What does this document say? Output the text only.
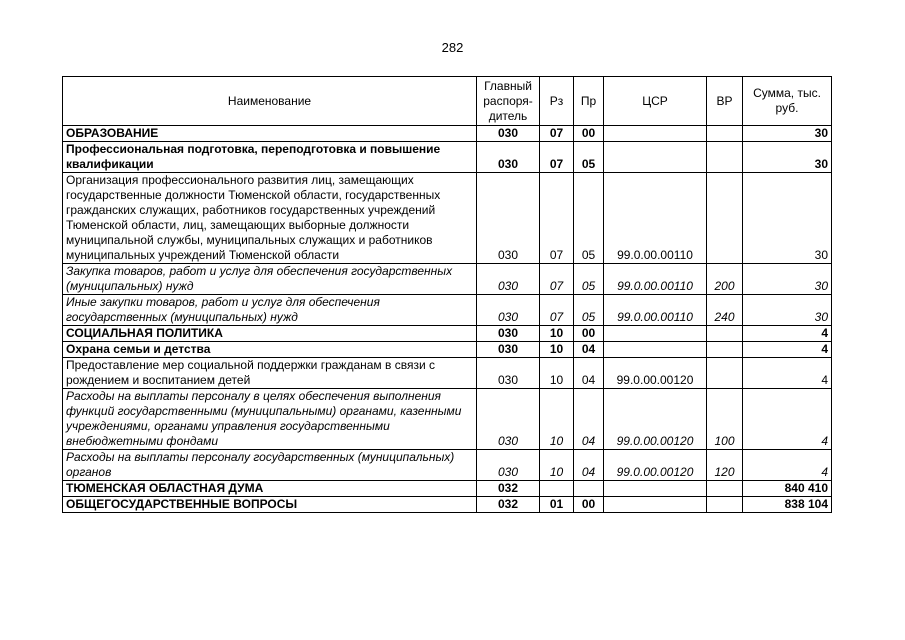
282
Наименование	Главный распоря-дитель	Рз	Пр	ЦСР	ВР	Сумма, тыс. руб.
ОБРАЗОВАНИЕ	030	07	00			30
Профессиональная подготовка, переподготовка и повышение квалификации	030	07	05			30
Организация профессионального развития лиц, замещающих государственные должности Тюменской области, государственных гражданских служащих, работников государственных учреждений Тюменской области, лиц, замещающих выборные должности муниципальной службы, муниципальных служащих и работников муниципальных учреждений Тюменской области	030	07	05	99.0.00.00110		30
Закупка товаров, работ и услуг для обеспечения государственных (муниципальных) нужд	030	07	05	99.0.00.00110	200	30
Иные закупки товаров, работ и услуг для обеспечения государственных (муниципальных) нужд	030	07	05	99.0.00.00110	240	30
СОЦИАЛЬНАЯ ПОЛИТИКА	030	10	00			4
Охрана семьи и детства	030	10	04			4
Предоставление мер социальной поддержки гражданам в связи с рождением и воспитанием детей	030	10	04	99.0.00.00120		4
Расходы на выплаты персоналу в целях обеспечения выполнения функций государственными (муниципальными) органами, казенными учреждениями, органами управления государственными внебюджетными фондами	030	10	04	99.0.00.00120	100	4
Расходы на выплаты персоналу государственных (муниципальных) органов	030	10	04	99.0.00.00120	120	4
ТЮМЕНСКАЯ ОБЛАСТНАЯ ДУМА	032					840 410
ОБЩЕГОСУДАРСТВЕННЫЕ ВОПРОСЫ	032	01	00			838 104
